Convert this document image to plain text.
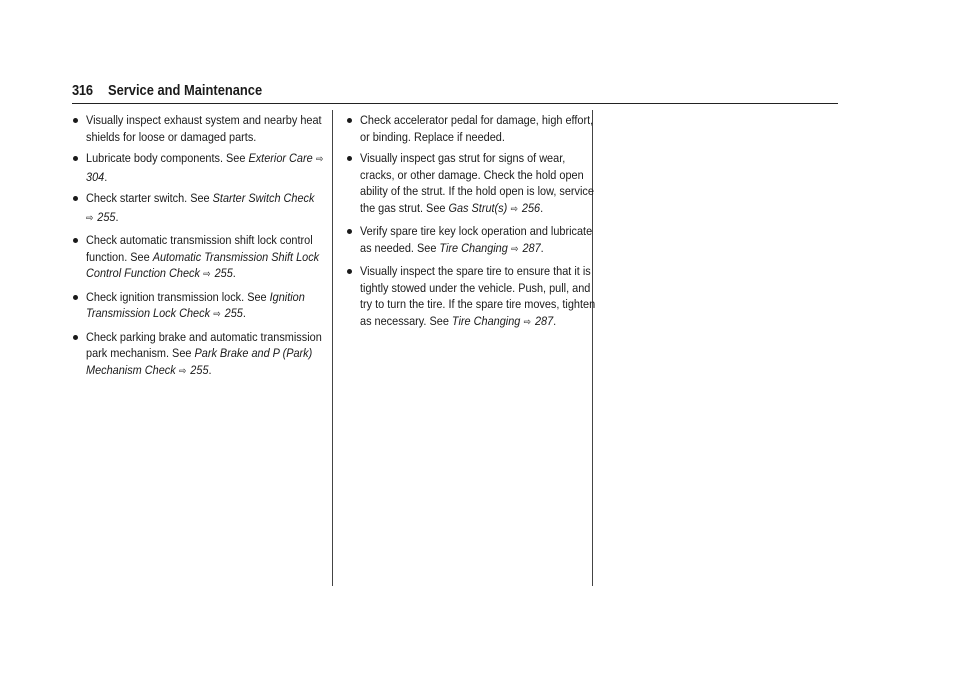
316 Service and Maintenance
Visually inspect exhaust system and nearby heat shields for loose or damaged parts.
Lubricate body components. See Exterior Care ⇨ 304.
Check starter switch. See Starter Switch Check ⇨ 255.
Check automatic transmission shift lock control function. See Automatic Transmission Shift Lock Control Function Check ⇨ 255.
Check ignition transmission lock. See Ignition Transmission Lock Check ⇨ 255.
Check parking brake and automatic transmission park mechanism. See Park Brake and P (Park) Mechanism Check ⇨ 255.
Check accelerator pedal for damage, high effort, or binding. Replace if needed.
Visually inspect gas strut for signs of wear, cracks, or other damage. Check the hold open ability of the strut. If the hold open is low, service the gas strut. See Gas Strut(s) ⇨ 256.
Verify spare tire key lock operation and lubricate as needed. See Tire Changing ⇨ 287.
Visually inspect the spare tire to ensure that it is tightly stowed under the vehicle. Push, pull, and try to turn the tire. If the spare tire moves, tighten as necessary. See Tire Changing ⇨ 287.
